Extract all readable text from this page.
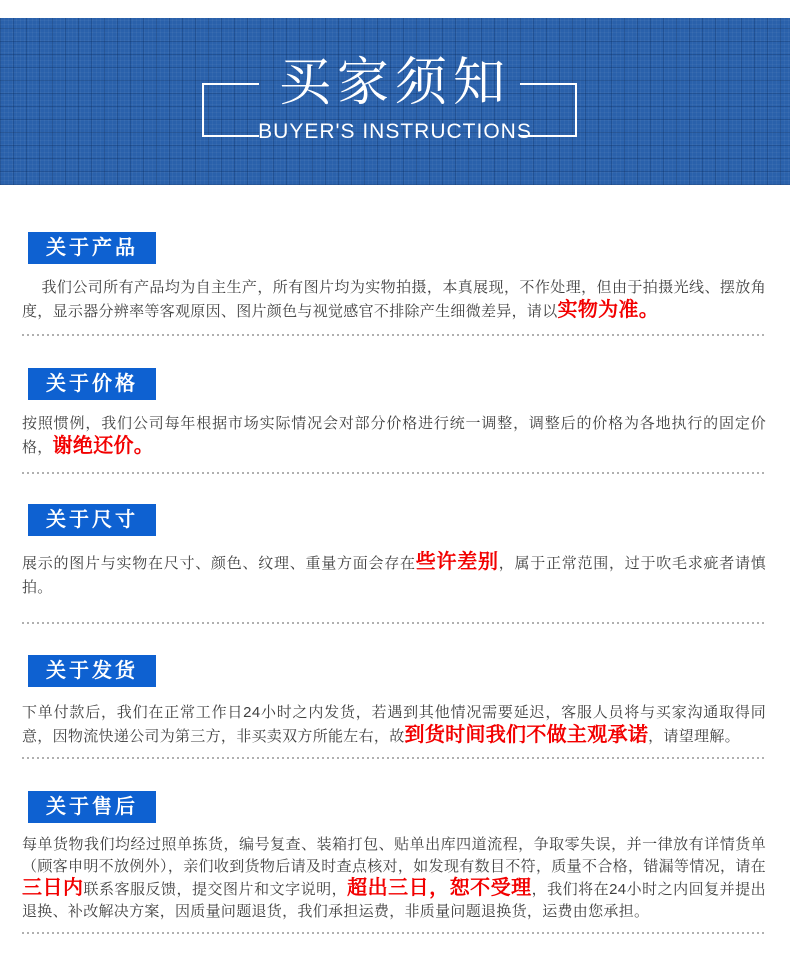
买家须知
BUYER'S INSTRUCTIONS
关于产品

我们公司所有产品均为自主生产，所有图片均为实物拍摄，本真展现，不作处理，但由于拍摄光线、摆放角度，显示器分辨率等客观原因、图片颜色与视觉感官不排除产生细微差异，请以实物为准。

关于价格

按照惯例，我们公司每年根据市场实际情况会对部分价格进行统一调整，调整后的价格为各地执行的固定价格，谢绝还价。

关于尺寸

展示的图片与实物在尺寸、颜色、纹理、重量方面会存在些许差别，属于正常范围，过于吹毛求疵者请慎拍。

关于发货

下单付款后，我们在正常工作日24小时之内发货，若遇到其他情况需要延迟，客服人员将与买家沟通取得同意，因物流快递公司为第三方，非买卖双方所能左右，故到货时间我们不做主观承诺，请望理解。

关于售后

每单货物我们均经过照单拣货，编号复查、装箱打包、贴单出库四道流程，争取零失误，并一律放有详情货单（顾客申明不放例外），亲们收到货物后请及时查点核对，如发现有数目不符，质量不合格，错漏等情况，请在三日内联系客服反馈，提交图片和文字说明，超出三日，恕不受理，我们将在24小时之内回复并提出退换、补改解决方案，因质量问题退货，我们承担运费，非质量问题退换货，运费由您承担。
